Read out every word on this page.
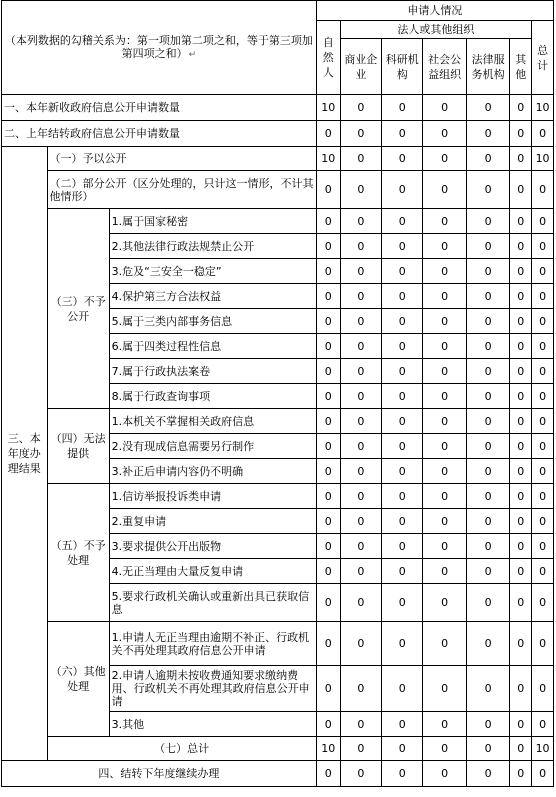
（本列数据的勾稽关系为：第一项加第二项之和，等于第三项加第四项之和）↵			申请人情况						
			自然人	法人或其他组织					总计
				商业企业	科研机构	社会公益组织	法律服务机构	其他	
一、本年新收政府信息公开申请数量			10	0	0	0	0	0	10
二、上年结转政府信息公开申请数量			0	0	0	0	0	0	0
三、本年度办理结果	（一）予以公开		10	0	0	0	0	0	10
	（二）部分公开（区分处理的，只计这一情形，不计其他情形）		0	0	0	0	0	0	0
	（三）不予公开	1.属于国家秘密	0	0	0	0	0	0	0
		2.其他法律行政法规禁止公开	0	0	0	0	0	0	0
		3.危及“三安全一稳定”	0	0	0	0	0	0	0
		4.保护第三方合法权益	0	0	0	0	0	0	0
		5.属于三类内部事务信息	0	0	0	0	0	0	0
		6.属于四类过程性信息	0	0	0	0	0	0	0
		7.属于行政执法案卷	0	0	0	0	0	0	0
		8.属于行政查询事项	0	0	0	0	0	0	0
	（四）无法提供	1.本机关不掌握相关政府信息	0	0	0	0	0	0	0
		2.没有现成信息需要另行制作	0	0	0	0	0	0	0
		3.补正后申请内容仍不明确	0	0	0	0	0	0	0
	（五）不予处理	1.信访举报投诉类申请	0	0	0	0	0	0	0
		2.重复申请	0	0	0	0	0	0	0
		3.要求提供公开出版物	0	0	0	0	0	0	0
		4.无正当理由大量反复申请	0	0	0	0	0	0	0
		5.要求行政机关确认或重新出具已获取信息	0	0	0	0	0	0	0
	（六）其他处理	1.申请人无正当理由逾期不补正、行政机关不再处理其政府信息公开申请	0	0	0	0	0	0	0
		2.申请人逾期未按收费通知要求缴纳费用、行政机关不再处理其政府信息公开申请	0	0	0	0	0	0	0
		3.其他	0	0	0	0	0	0	0
	（七）总计		10	0	0	0	0	0	10
四、结转下年度继续办理			0	0	0	0	0	0	0
